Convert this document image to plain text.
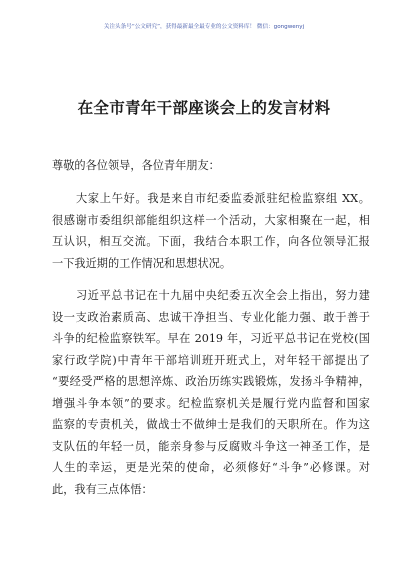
关注头条号“公文研究”，获得最新最全最专业的公文资料库！ 微信：gongwenyj
在全市青年干部座谈会上的发言材料
尊敬的各位领导，各位青年朋友：
大家上午好。我是来自市纪委监委派驻纪检监察组 XX。
很感谢市委组织部能组织这样一个活动，大家相聚在一起，相
互认识，相互交流。下面，我结合本职工作，向各位领导汇报
一下我近期的工作情况和思想状况。
习近平总书记在十九届中央纪委五次全会上指出，努力建
设一支政治素质高、忠诚干净担当、专业化能力强、敢于善于
斗争的纪检监察铁军。早在 2019 年，习近平总书记在党校(国
家行政学院)中青年干部培训班开班式上，对年轻干部提出了
“要经受严格的思想淬炼、政治历练实践锻炼，发扬斗争精神，
增强斗争本领”的要求。纪检监察机关是履行党内监督和国家
监察的专责机关，做战士不做绅士是我们的天职所在。作为这
支队伍的年轻一员，能亲身参与反腐败斗争这一神圣工作，是
人生的幸运，更是光荣的使命，必须修好“斗争”必修课。对
此，我有三点体悟：
